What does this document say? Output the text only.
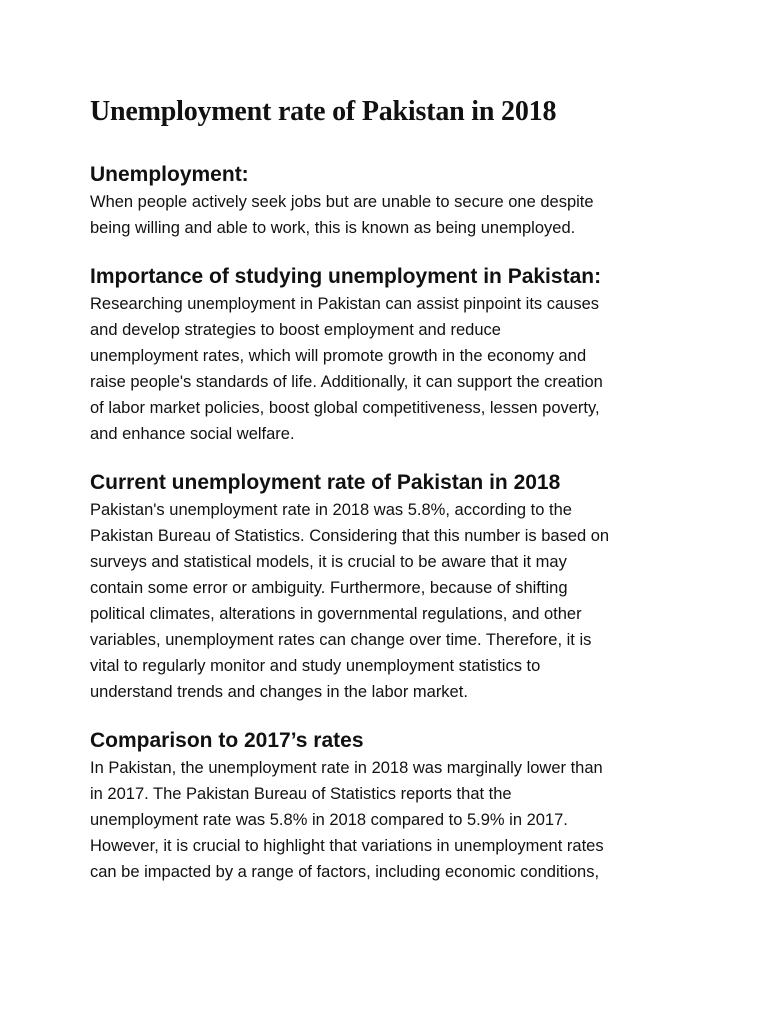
Unemployment rate of Pakistan in 2018
Unemployment:

When people actively seek jobs but are unable to secure one despite
being willing and able to work, this is known as being unemployed.

Importance of studying unemployment in Pakistan:

Researching unemployment in Pakistan can assist pinpoint its causes
and develop strategies to boost employment and reduce
unemployment rates, which will promote growth in the economy and
raise people's standards of life. Additionally, it can support the creation
of labor market policies, boost global competitiveness, lessen poverty,
and enhance social welfare.

Current unemployment rate of Pakistan in 2018

Pakistan's unemployment rate in 2018 was 5.8%, according to the
Pakistan Bureau of Statistics. Considering that this number is based on
surveys and statistical models, it is crucial to be aware that it may
contain some error or ambiguity. Furthermore, because of shifting
political climates, alterations in governmental regulations, and other
variables, unemployment rates can change over time. Therefore, it is
vital to regularly monitor and study unemployment statistics to
understand trends and changes in the labor market.

Comparison to 2017’s rates

In Pakistan, the unemployment rate in 2018 was marginally lower than
in 2017. The Pakistan Bureau of Statistics reports that the
unemployment rate was 5.8% in 2018 compared to 5.9% in 2017.
However, it is crucial to highlight that variations in unemployment rates
can be impacted by a range of factors, including economic conditions,
